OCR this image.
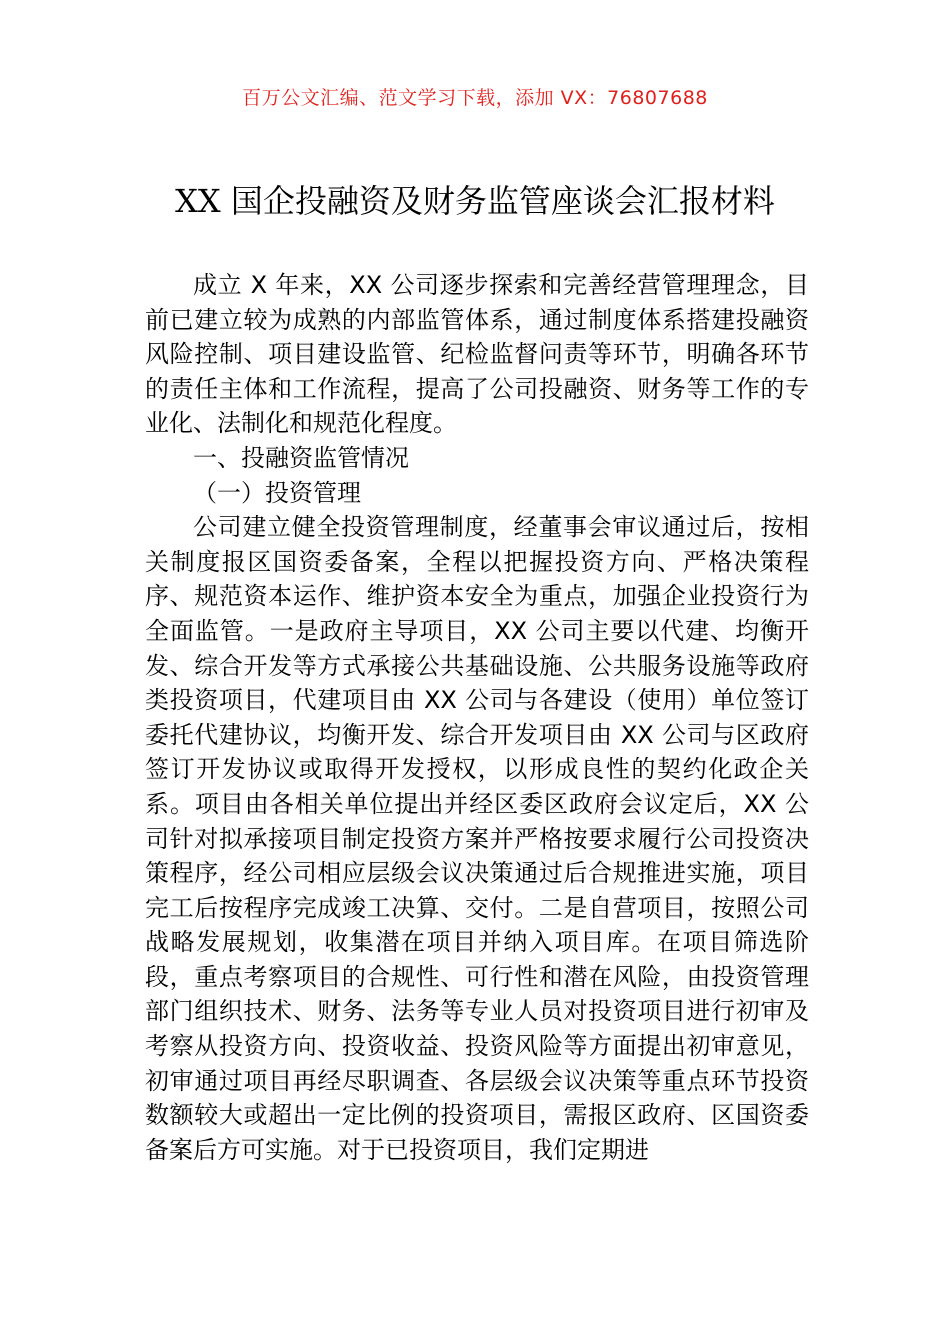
百万公文汇编、范文学习下载，添加 VX：76807688
XX 国企投融资及财务监管座谈会汇报材料

成立 X 年来，XX 公司逐步探索和完善经营管理理念，目前已建立较为成熟的内部监管体系，通过制度体系搭建投融资风险控制、项目建设监管、纪检监督问责等环节，明确各环节的责任主体和工作流程，提高了公司投融资、财务等工作的专业化、法制化和规范化程度。

一、投融资监管情况

（一）投资管理

公司建立健全投资管理制度，经董事会审议通过后，按相关制度报区国资委备案，全程以把握投资方向、严格决策程序、规范资本运作、维护资本安全为重点，加强企业投资行为全面监管。一是政府主导项目，XX 公司主要以代建、均衡开发、综合开发等方式承接公共基础设施、公共服务设施等政府类投资项目，代建项目由 XX 公司与各建设（使用）单位签订委托代建协议，均衡开发、综合开发项目由 XX 公司与区政府签订开发协议或取得开发授权，以形成良性的契约化政企关系。项目由各相关单位提出并经区委区政府会议定后，XX 公司针对拟承接项目制定投资方案并严格按要求履行公司投资决策程序，经公司相应层级会议决策通过后合规推进实施，项目完工后按程序完成竣工决算、交付。二是自营项目，按照公司战略发展规划，收集潜在项目并纳入项目库。在项目筛选阶段，重点考察项目的合规性、可行性和潜在风险，由投资管理部门组织技术、财务、法务等专业人员对投资项目进行初审及考察从投资方向、投资收益、投资风险等方面提出初审意见，初审通过项目再经尽职调查、各层级会议决策等重点环节投资数额较大或超出一定比例的投资项目，需报区政府、区国资委备案后方可实施。对于已投资项目，我们定期进
